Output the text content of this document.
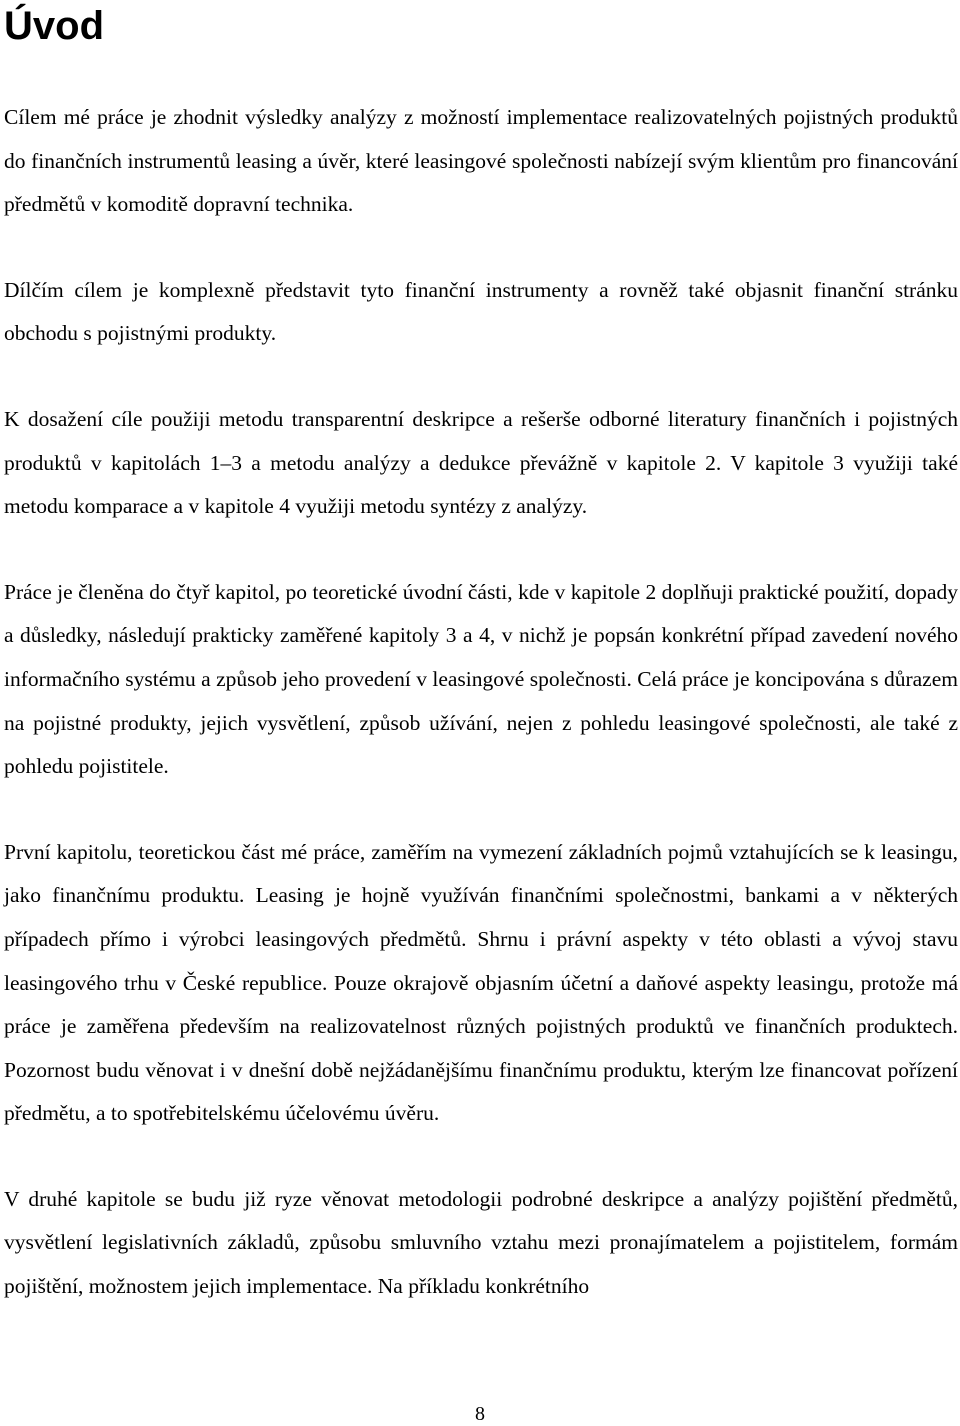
Úvod

Cílem mé práce je zhodnit výsledky analýzy z možností implementace realizovatelných pojistných produktů do finančních instrumentů leasing a úvěr, které leasingové společnosti nabízejí svým klientům pro financování předmětů v komoditě dopravní technika.

Dílčím cílem je komplexně představit tyto finanční instrumenty a rovněž také objasnit finanční stránku obchodu s pojistnými produkty.

K dosažení cíle použiji metodu transparentní deskripce a rešerše odborné literatury finančních i pojistných produktů v kapitolách 1–3 a metodu analýzy a dedukce převážně v kapitole 2. V kapitole 3 využiji také metodu komparace a v kapitole 4 využiji metodu syntézy z analýzy.

Práce je členěna do čtyř kapitol, po teoretické úvodní části, kde v kapitole 2 doplňuji praktické použití, dopady a důsledky, následují prakticky zaměřené kapitoly 3 a 4, v nichž je popsán konkrétní případ zavedení nového informačního systému a způsob jeho provedení v leasingové společnosti. Celá práce je koncipována s důrazem na pojistné produkty, jejich vysvětlení, způsob užívání, nejen z pohledu leasingové společnosti, ale také z pohledu pojistitele.

První kapitolu, teoretickou část mé práce, zaměřím na vymezení základních pojmů vztahujících se k leasingu, jako finančnímu produktu. Leasing je hojně využíván finančními společnostmi, bankami a v některých případech přímo i výrobci leasingových předmětů. Shrnu i právní aspekty v této oblasti a vývoj stavu leasingového trhu v České republice. Pouze okrajově objasním účetní a daňové aspekty leasingu, protože má práce je zaměřena především na realizovatelnost různých pojistných produktů ve finančních produktech. Pozornost budu věnovat i v dnešní době nejžádanějšímu finančnímu produktu, kterým lze financovat pořízení předmětu, a to spotřebitelskému účelovému úvěru.

V druhé kapitole se budu již ryze věnovat metodologii podrobné deskripce a analýzy pojištění předmětů, vysvětlení legislativních základů, způsobu smluvního vztahu mezi pronajímatelem a pojistitelem, formám pojištění, možnostem jejich implementace. Na příkladu konkrétního

8
